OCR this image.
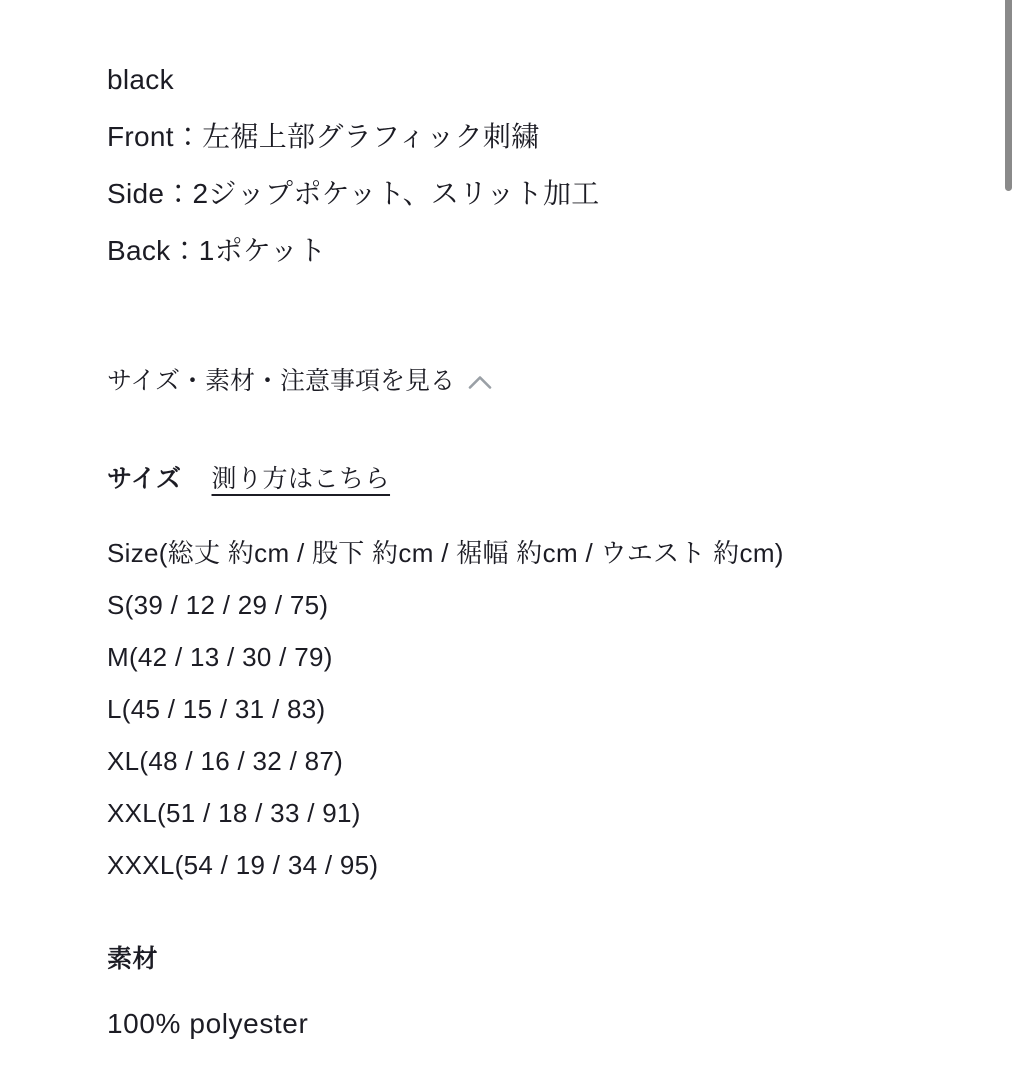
black
Front：左裾上部グラフィック刺繍
Side：2ジップポケット、スリット加工
Back：1ポケット
サイズ・素材・注意事項を見る
サイズ 測り方はこちら
Size(総丈 約cm / 股下 約cm / 裾幅 約cm / ウエスト 約cm)
S(39 / 12 / 29 / 75)
M(42 / 13 / 30 / 79)
L(45 / 15 / 31 / 83)
XL(48 / 16 / 32 / 87)
XXL(51 / 18 / 33 / 91)
XXXL(54 / 19 / 34 / 95)
素材
100% polyester
